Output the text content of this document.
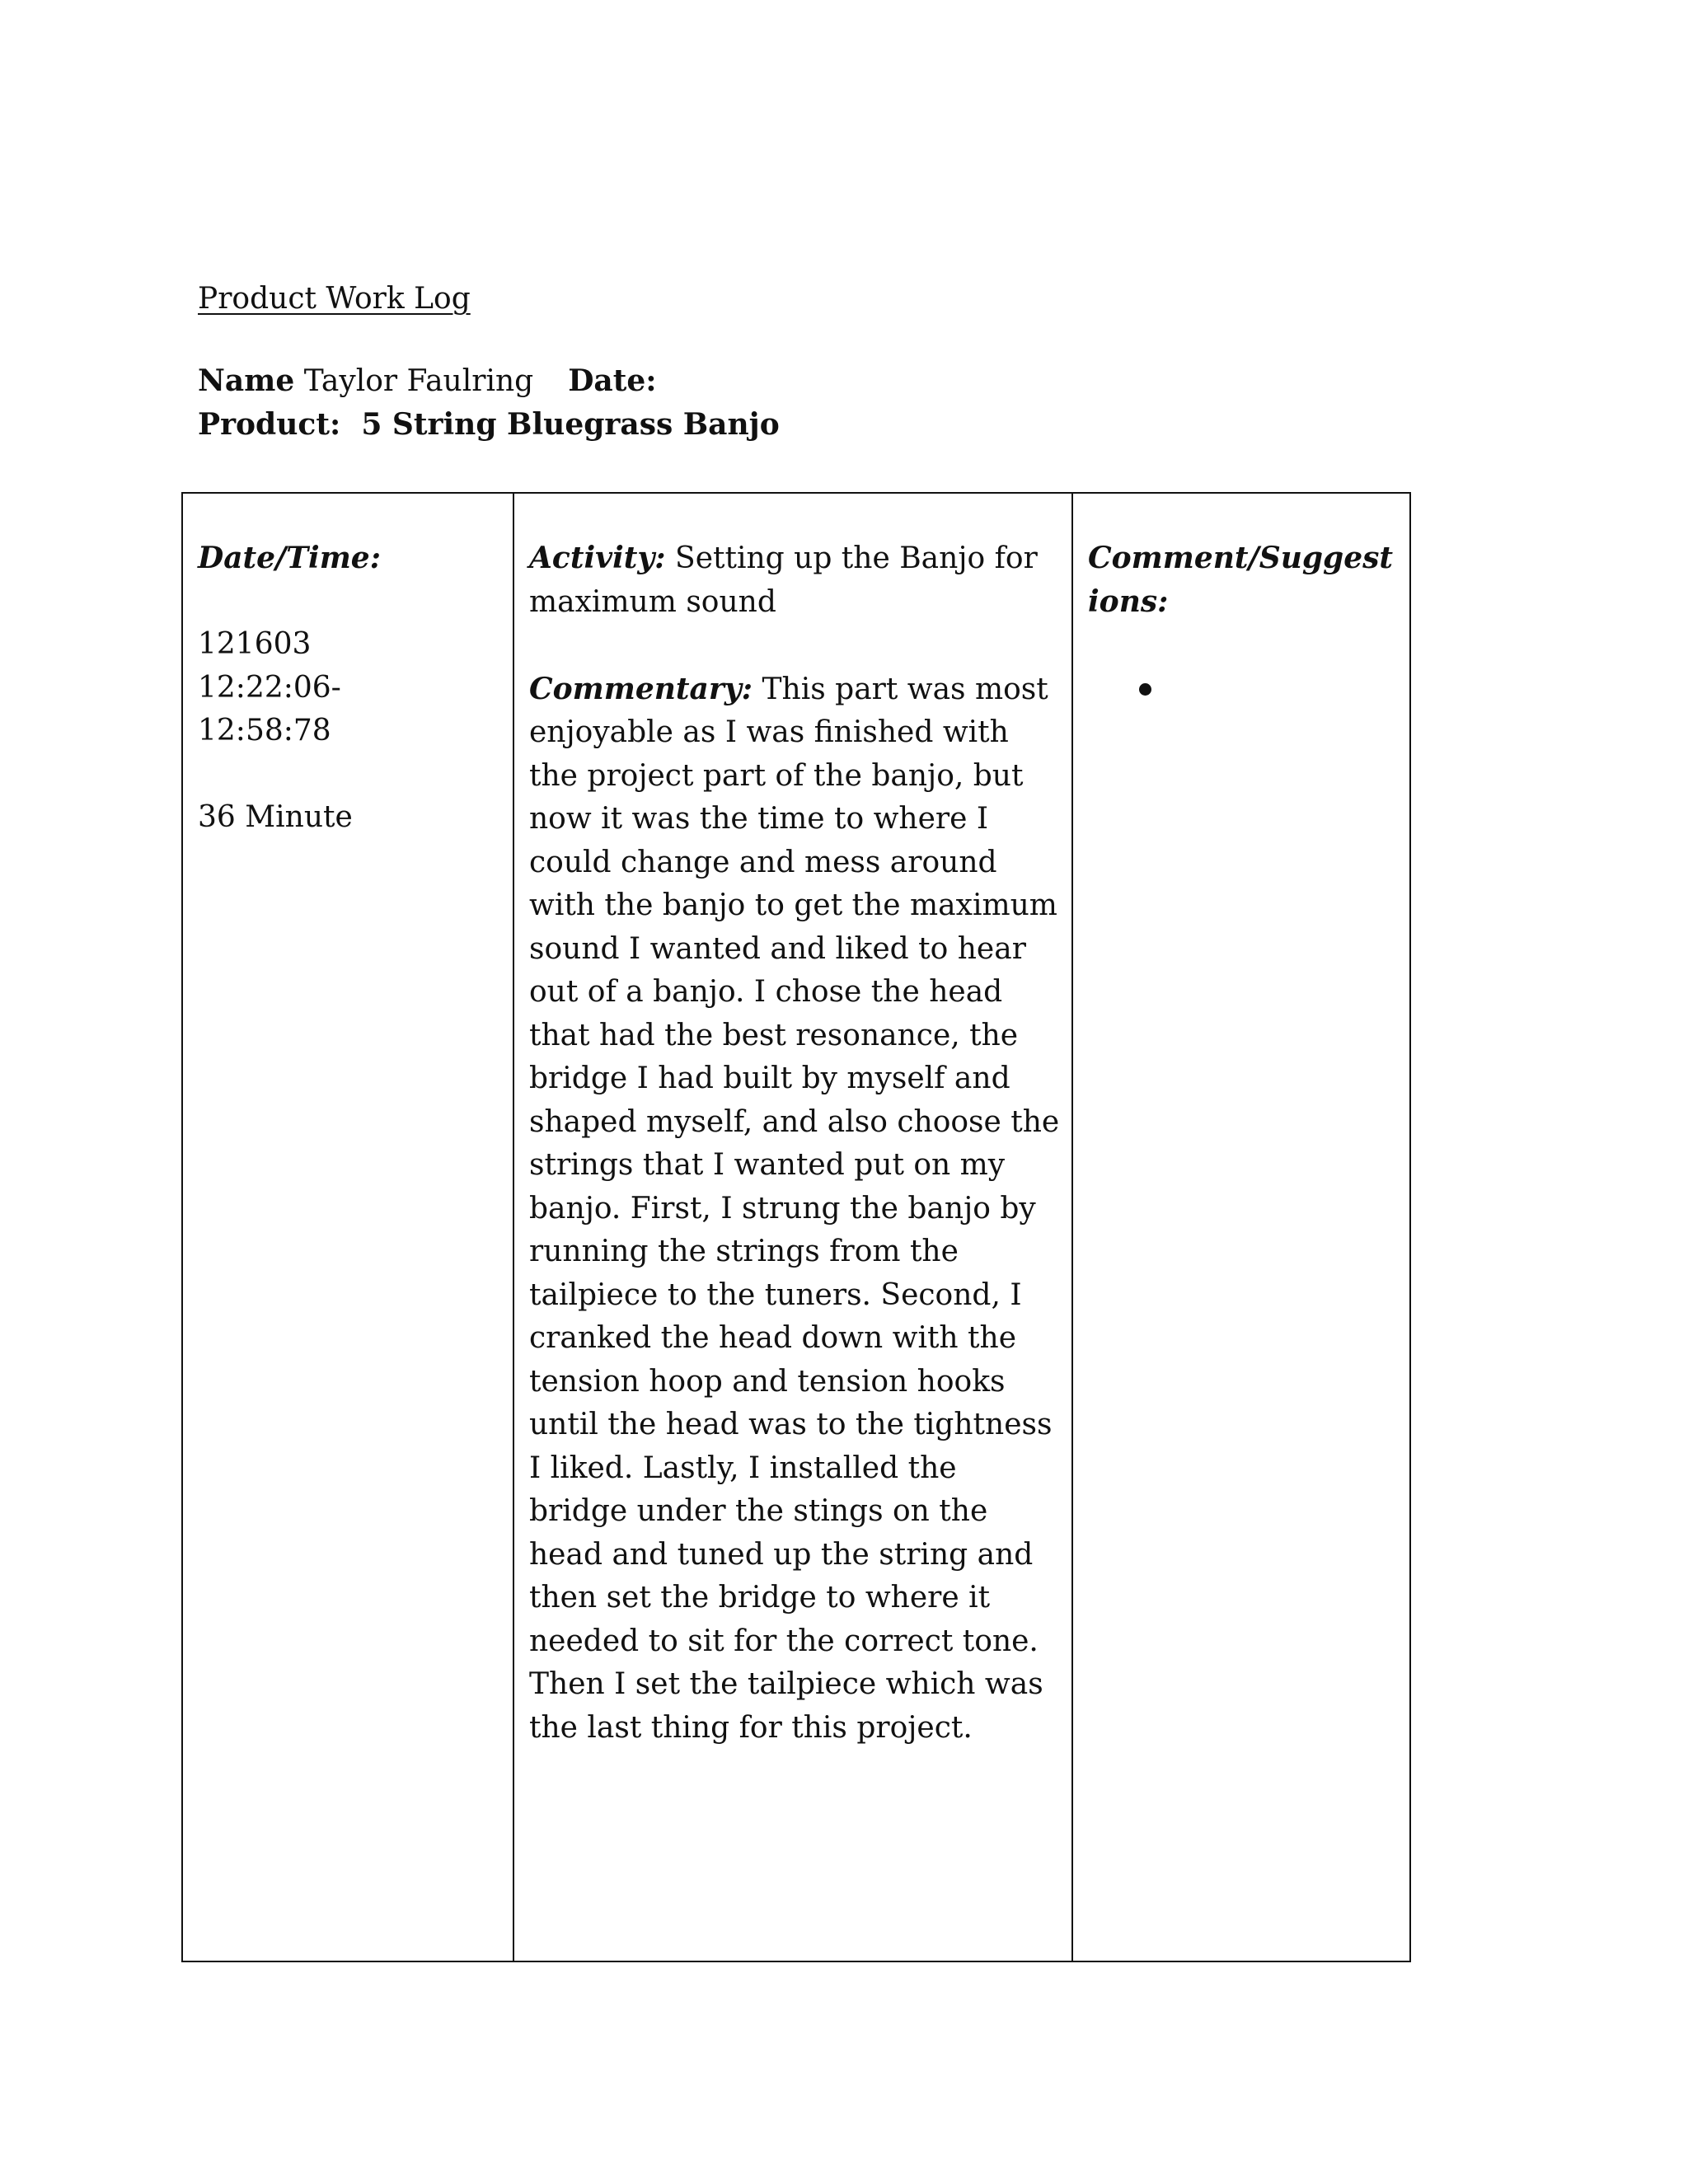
Product Work Log
Name Taylor Faulring Date:
Product: 5 String Bluegrass Banjo
Date/Time:
121603
12:22:06-
12:58:78
36 Minute
Activity: Setting up the Banjo for maximum sound
Commentary: This part was most enjoyable as I was finished with the project part of the banjo, but now it was the time to where I could change and mess around with the banjo to get the maximum sound I wanted and liked to hear out of a banjo. I chose the head that had the best resonance, the bridge I had built by myself and shaped myself, and also choose the strings that I wanted put on my banjo. First, I strung the banjo by running the strings from the tailpiece to the tuners. Second, I cranked the head down with the tension hoop and tension hooks until the head was to the tightness I liked. Lastly, I installed the bridge under the stings on the head and tuned up the string and then set the bridge to where it needed to sit for the correct tone. Then I set the tailpiece which was the last thing for this project.
Comment/Suggestions:
